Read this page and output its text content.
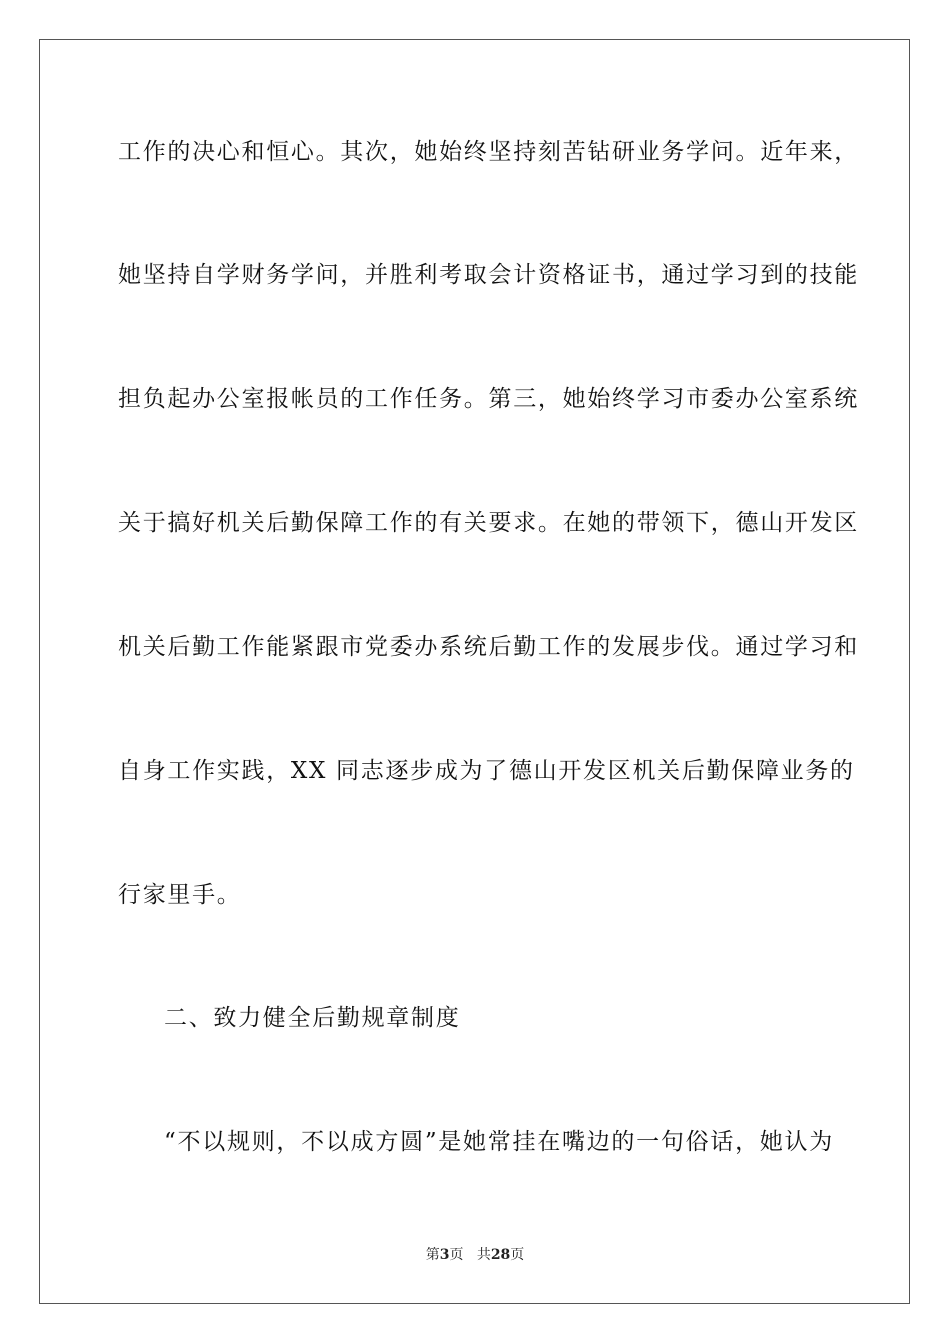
工作的决心和恒心。其次，她始终坚持刻苦钻研业务学问。近年来，
她坚持自学财务学问，并胜利考取会计资格证书，通过学习到的技能
担负起办公室报帐员的工作任务。第三，她始终学习市委办公室系统
关于搞好机关后勤保障工作的有关要求。在她的带领下，德山开发区
机关后勤工作能紧跟市党委办系统后勤工作的发展步伐。通过学习和
自身工作实践，XX 同志逐步成为了德山开发区机关后勤保障业务的
行家里手。
二、致力健全后勤规章制度
“不以规则，不以成方圆”是她常挂在嘴边的一句俗话，她认为
第3页 共28页
